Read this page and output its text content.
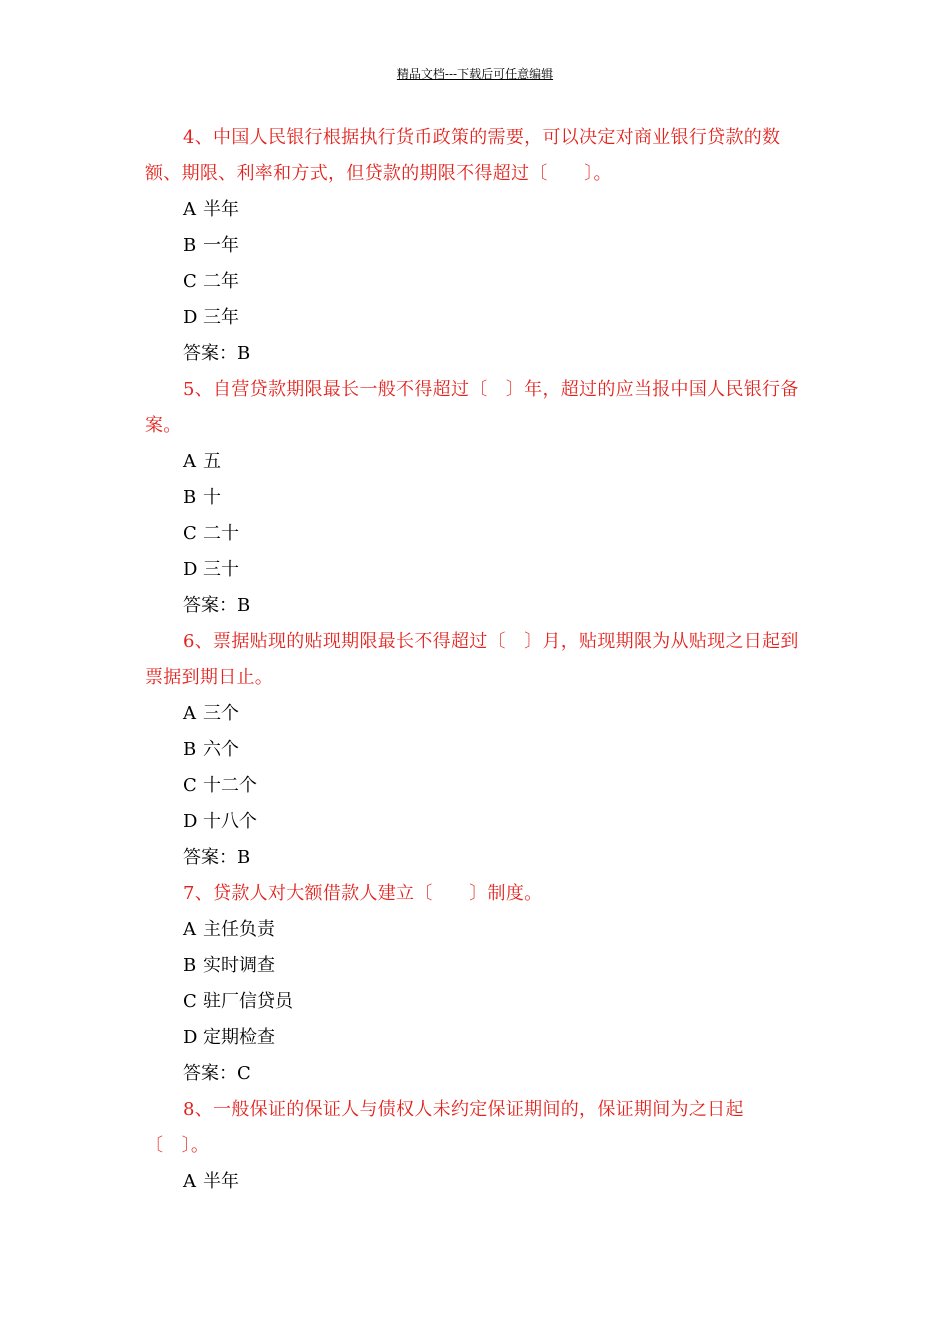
精品文档---下载后可任意编辑

4、中国人民银行根据执行货币政策的需要，可以决定对商业银行贷款的数额、期限、利率和方式，但贷款的期限不得超过〔　　〕。

A 半年

B 一年

C 二年

D 三年

答案：B

5、自营贷款期限最长一般不得超过〔　〕年，超过的应当报中国人民银行备案。

A 五

B 十

C 二十

D 三十

答案：B

6、票据贴现的贴现期限最长不得超过〔　〕月，贴现期限为从贴现之日起到票据到期日止。

A 三个

B 六个

C 十二个

D 十八个

答案：B

7、贷款人对大额借款人建立〔　　〕制度。

A 主任负责

B 实时调查

C 驻厂信贷员

D 定期检查

答案：C

8、一般保证的保证人与债权人未约定保证期间的，保证期间为之日起〔　〕。

A 半年
